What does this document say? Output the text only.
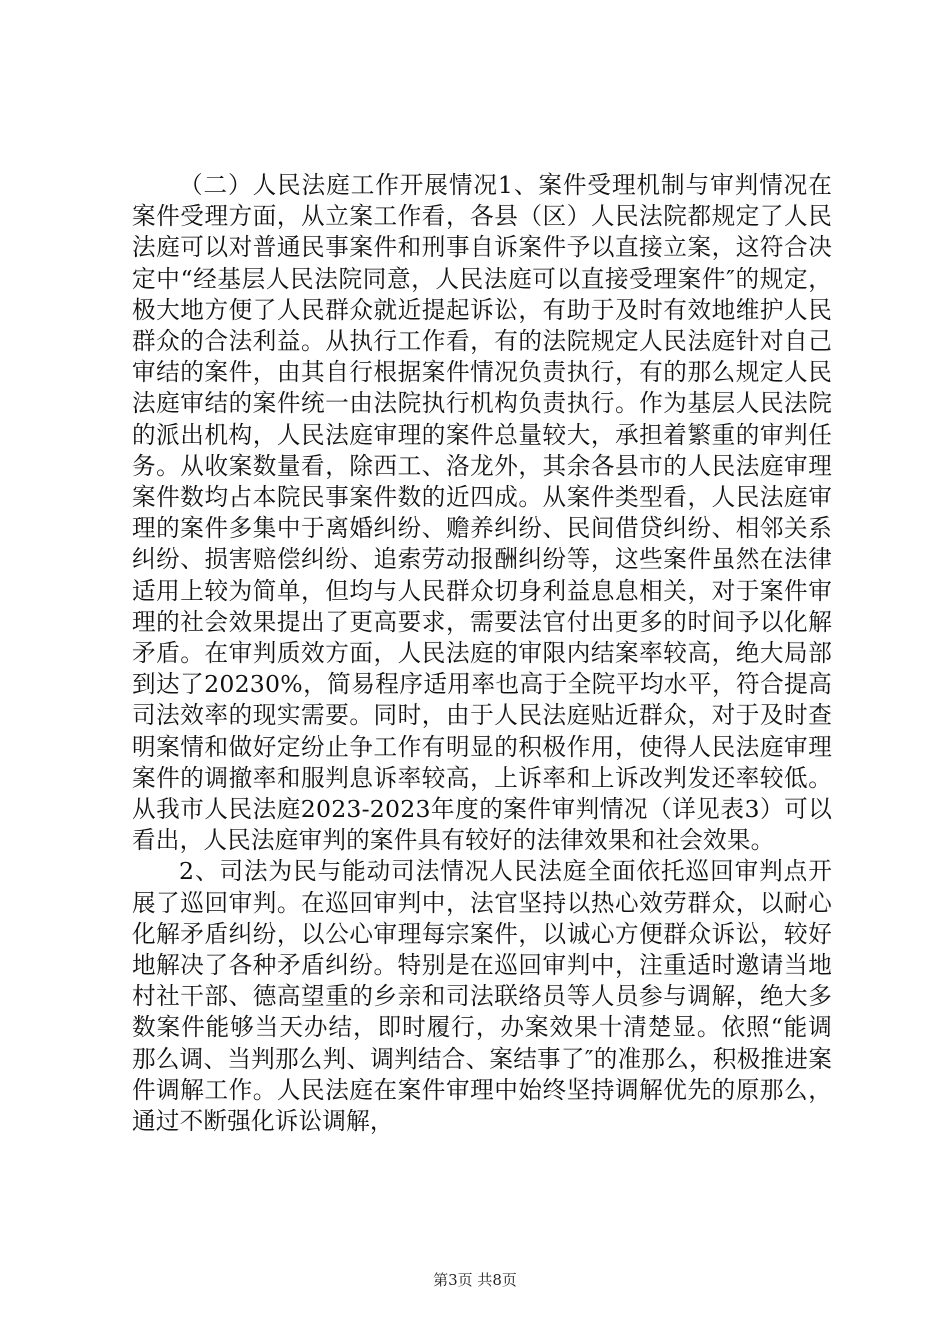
（二）人民法庭工作开展情况1、案件受理机制与审判情况在案件受理方面，从立案工作看，各县（区）人民法院都规定了人民法庭可以对普通民事案件和刑事自诉案件予以直接立案，这符合决定中“经基层人民法院同意，人民法庭可以直接受理案件″的规定，极大地方便了人民群众就近提起诉讼，有助于及时有效地维护人民群众的合法利益。从执行工作看，有的法院规定人民法庭针对自己审结的案件，由其自行根据案件情况负责执行，有的那么规定人民法庭审结的案件统一由法院执行机构负责执行。作为基层人民法院的派出机构，人民法庭审理的案件总量较大，承担着繁重的审判任务。从收案数量看，除西工、洛龙外，其余各县市的人民法庭审理案件数均占本院民事案件数的近四成。从案件类型看，人民法庭审理的案件多集中于离婚纠纷、赡养纠纷、民间借贷纠纷、相邻关系纠纷、损害赔偿纠纷、追索劳动报酬纠纷等，这些案件虽然在法律适用上较为简单，但均与人民群众切身利益息息相关，对于案件审理的社会效果提出了更高要求，需要法官付出更多的时间予以化解矛盾。在审判质效方面，人民法庭的审限内结案率较高，绝大局部到达了20230%，简易程序适用率也高于全院平均水平，符合提高司法效率的现实需要。同时，由于人民法庭贴近群众，对于及时查明案情和做好定纷止争工作有明显的积极作用，使得人民法庭审理案件的调撤率和服判息诉率较高，上诉率和上诉改判发还率较低。从我市人民法庭2023-2023年度的案件审判情况（详见表3）可以看出，人民法庭审判的案件具有较好的法律效果和社会效果。

2、司法为民与能动司法情况人民法庭全面依托巡回审判点开展了巡回审判。在巡回审判中，法官坚持以热心效劳群众，以耐心化解矛盾纠纷，以公心审理每宗案件，以诚心方便群众诉讼，较好地解决了各种矛盾纠纷。特别是在巡回审判中，注重适时邀请当地村社干部、德高望重的乡亲和司法联络员等人员参与调解，绝大多数案件能够当天办结，即时履行，办案效果十清楚显。依照“能调那么调、当判那么判、调判结合、案结事了″的准那么，积极推进案件调解工作。人民法庭在案件审理中始终坚持调解优先的原那么，通过不断强化诉讼调解，

第3页 共8页
